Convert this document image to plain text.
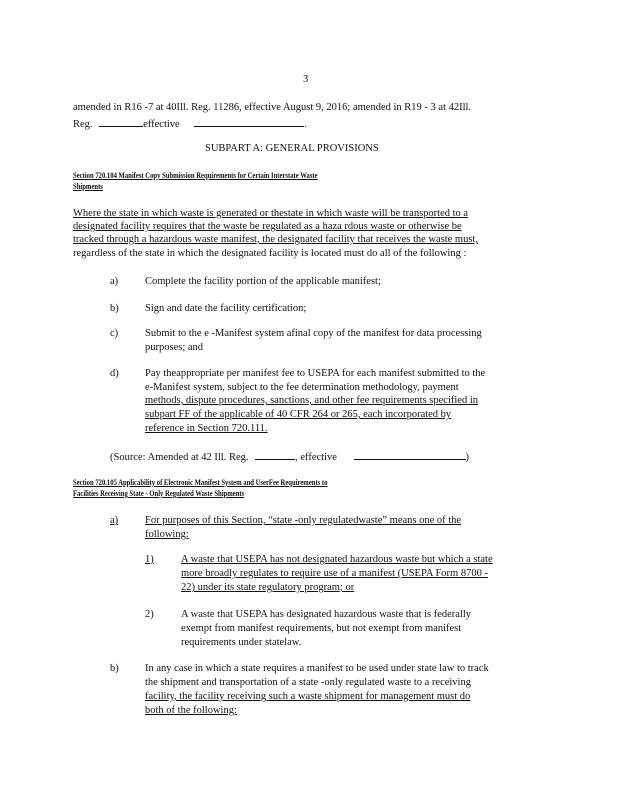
3
amended in R16 -7 at 40Ill. Reg. 11286, effective August 9, 2016; amended in R19 - 3 at 42Ill.
Reg.	effective	.
SUBPART A: GENERAL PROVISIONS
Section 720.104 Manifest Copy Submission Requirements for Certain Interstate Waste
Shipments
Where the state in which waste is generated or thestate in which waste will be transported to a
designated facility requires that the waste be regulated as a haza rdous waste or otherwise be
tracked through a hazardous waste manifest, the designated facility that receives the waste must,
regardless of the state in which the designated facility is located must do all of the following :
a)	Complete the facility portion of the applicable manifest;
b)	Sign and date the facility certification;
c)	Submit to the e -Manifest system afinal copy of the manifest for data processing
purposes; and
d)	Pay theappropriate per manifest fee to USEPA for each manifest submitted to the
e-Manifest system, subject to the fee determination methodology, payment
methods, dispute procedures, sanctions, and other fee requirements specified in
subpart FF of the applicable of 40 CFR 264 or 265, each incorporated by
reference in Section 720.111.
(Source: Amended at 42 Ill. Reg.	, effective	)
Section 720.105 Applicability of Electronic Manifest System and UserFee Requirements to
Facilities Receiving State - Only Regulated Waste Shipments
a)	For purposes of this Section, “state -only regulatedwaste” means one of the
following:
1)	A waste that USEPA has not designated hazardous waste but which a state
more broadly regulates to require use of a manifest (USEPA Form 8700 -
22) under its state regulatory program; or
2)	A waste that USEPA has designated hazardous waste that is federally
exempt from manifest requirements, but not exempt from manifest
requirements under statelaw.
b)	In any case in which a state requires a manifest to be used under state law to track
the shipment and transportation of a state -only regulated waste to a receiving
facility, the facility receiving such a waste shipment for management must do
both of the following:
